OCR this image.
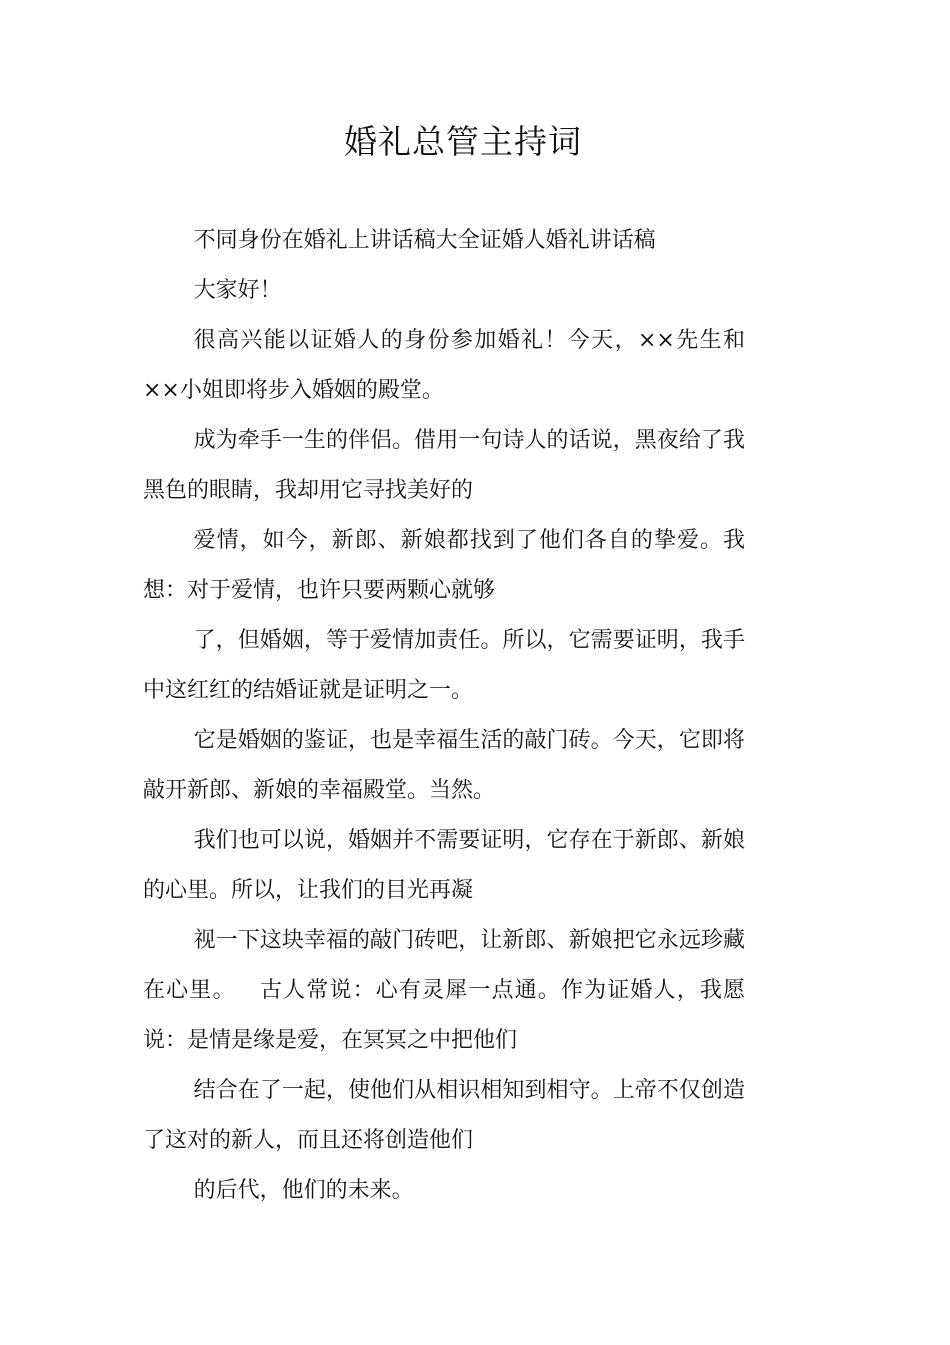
婚礼总管主持词

不同身份在婚礼上讲话稿大全证婚人婚礼讲话稿

大家好！

很高兴能以证婚人的身份参加婚礼！今天，××先生和××小姐即将步入婚姻的殿堂。

成为牵手一生的伴侣。借用一句诗人的话说，黑夜给了我黑色的眼睛，我却用它寻找美好的

爱情，如今，新郎、新娘都找到了他们各自的挚爱。我想：对于爱情，也许只要两颗心就够

了，但婚姻，等于爱情加责任。所以，它需要证明，我手中这红红的结婚证就是证明之一。

它是婚姻的鉴证，也是幸福生活的敲门砖。今天，它即将敲开新郎、新娘的幸福殿堂。当然。

我们也可以说，婚姻并不需要证明，它存在于新郎、新娘的心里。所以，让我们的目光再凝

视一下这块幸福的敲门砖吧，让新郎、新娘把它永远珍藏在心里。   古人常说：心有灵犀一点通。作为证婚人，我愿说：是情是缘是爱，在冥冥之中把他们

结合在了一起，使他们从相识相知到相守。上帝不仅创造了这对的新人，而且还将创造他们

的后代，他们的未来。
